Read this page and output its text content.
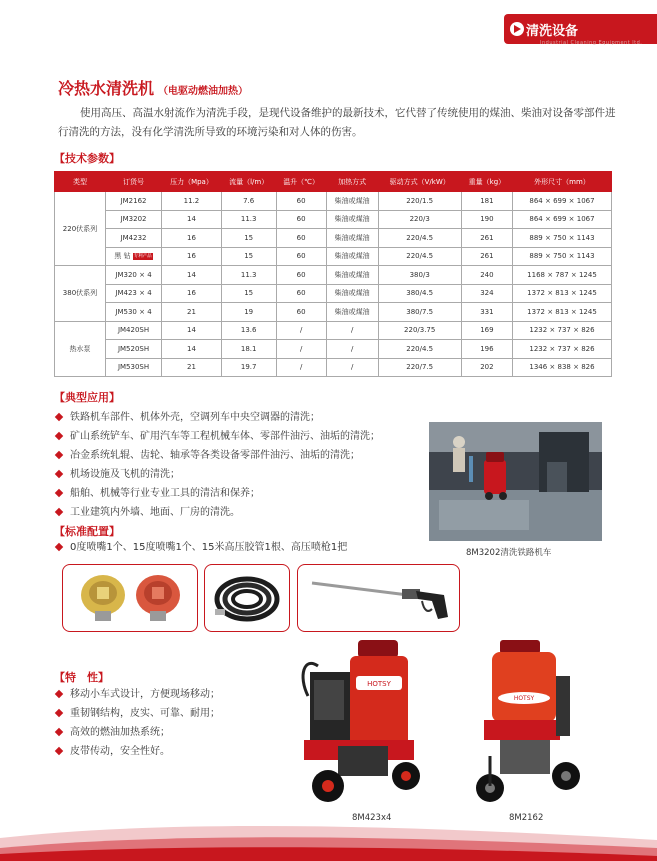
清洗设备
Industrial Cleaning Equipment ltd.
冷热水清洗机 （电驱动燃油加热）

使用高压、高温水射流作为清洗手段，是现代设备维护的最新技术，它代替了传统使用的煤油、柴油对设备零部件进行清洗的方法，没有化学清洗所导致的环境污染和对人体的伤害。

【技术参数】
类型	订货号	压力（Mpa）	流量（l/m）	温升（℃）	加热方式	驱动方式（V/kW）	重量（kg）	外形尺寸（mm）
220伏系列	JM2162	11.2	7.6	60	柴油或煤油	220/1.5	181	864 × 699 × 1067
	JM3202	14	11.3	60	柴油或煤油	220/3	190	864 × 699 × 1067
	JM4232	16	15	60	柴油或煤油	220/4.5	261	889 × 750 × 1143
	黑 钻 专利产品	16	15	60	柴油或煤油	220/4.5	261	889 × 750 × 1143
380伏系列	JM320 × 4	14	11.3	60	柴油或煤油	380/3	240	1168 × 787 × 1245
	JM423 × 4	16	15	60	柴油或煤油	380/4.5	324	1372 × 813 × 1245
	JM530 × 4	21	19	60	柴油或煤油	380/7.5	331	1372 × 813 × 1245
热水泵	JM420SH	14	13.6	/	/	220/3.75	169	1232 × 737 × 826
	JM520SH	14	18.1	/	/	220/4.5	196	1232 × 737 × 826
	JM530SH	21	19.7	/	/	220/7.5	202	1346 × 838 × 826
【典型应用】
铁路机车部件、机体外壳，空调列车中央空调器的清洗；
矿山系统铲车、矿用汽车等工程机械车体、零部件油污、油垢的清洗；
冶金系统轧辊、齿轮、轴承等各类设备零部件油污、油垢的清洗；
机场设施及飞机的清洗；
船舶、机械等行业专业工具的清洁和保养；
工业建筑内外墙、地面、厂房的清洗。
8M3202清洗铁路机车
【标准配置】
0度喷嘴1个、15度喷嘴1个、15米高压胶管1根、高压喷枪1把
【特　性】
移动小车式设计，方便现场移动；
重韧钢结构，皮实、可靠、耐用；
高效的燃油加热系统；
皮带传动，安全性好。
HOTSY
8M423x4
HOTSY
8M2162
